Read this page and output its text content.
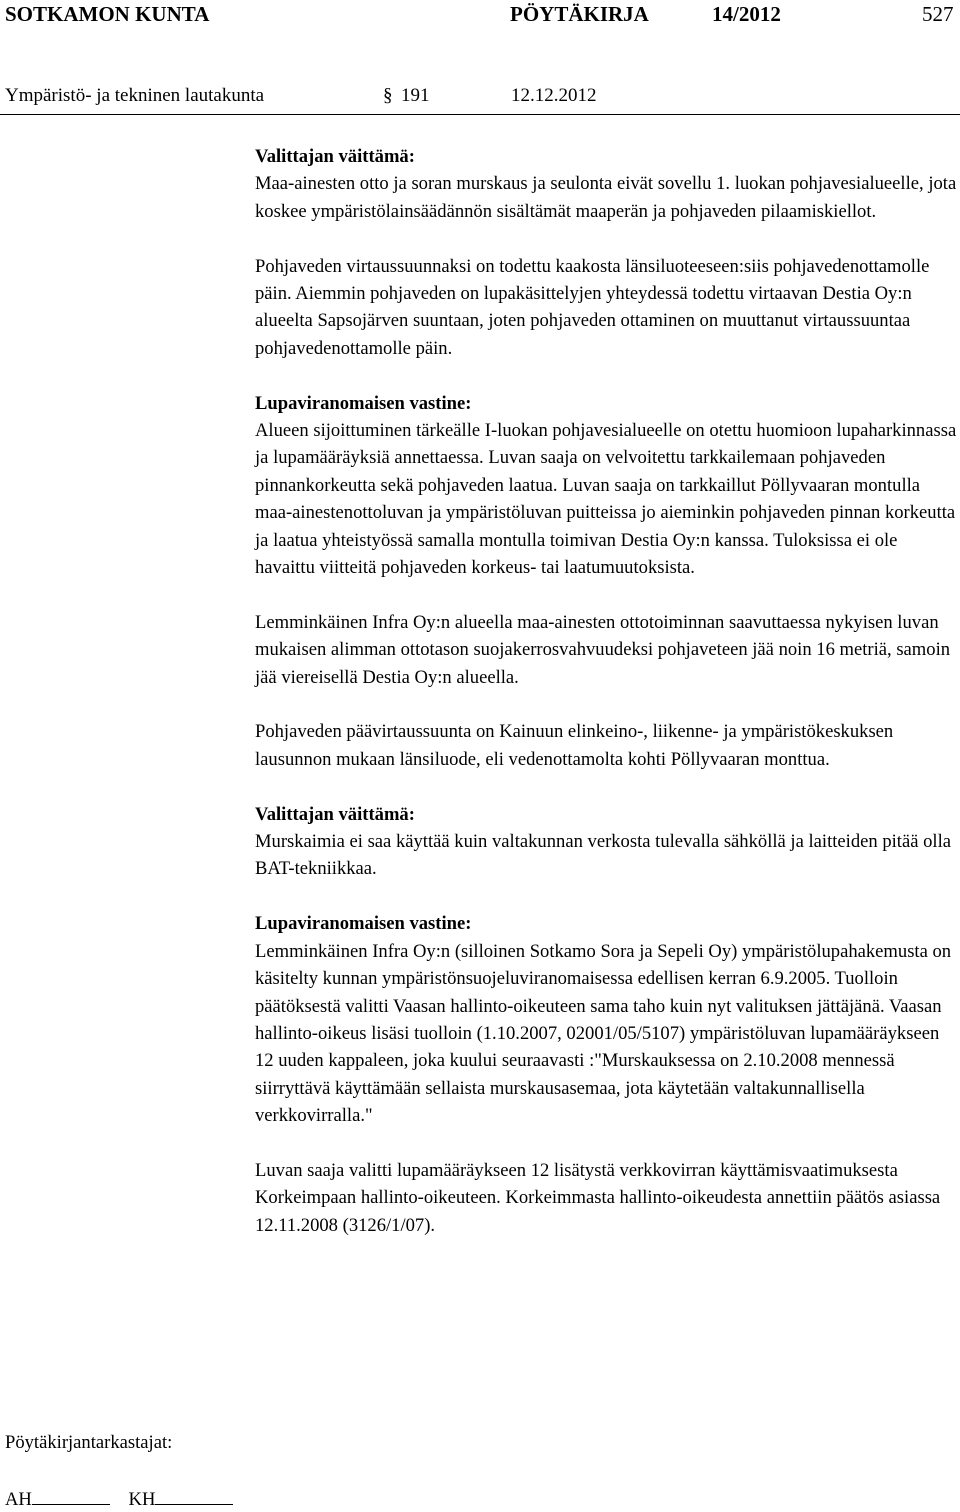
SOTKAMON KUNTA	PÖYTÄKIRJA	14/2012	527
Ympäristö- ja tekninen lautakunta	§ 191	12.12.2012
Valittajan väittämä:

Maa-ainesten otto ja soran murskaus ja seulonta eivät sovellu 1. luokan pohjavesialueelle, jota koskee ympäristölainsäädännön sisältämät maaperän ja pohjaveden pilaamiskiellot.

Pohjaveden virtaussuunnaksi on todettu kaakosta länsiluoteeseen:siis pohjavedenottamolle päin. Aiemmin pohjaveden on lupakäsittelyjen yhteydessä todettu virtaavan Destia Oy:n alueelta Sapsojärven suuntaan, joten pohjaveden ottaminen on muuttanut virtaussuuntaa pohjavedenottamolle päin.

Lupaviranomaisen vastine:

Alueen sijoittuminen tärkeälle I-luokan pohjavesialueelle on otettu huomioon lupaharkinnassa ja lupamääräyksiä annettaessa. Luvan saaja on velvoitettu tarkkailemaan pohjaveden pinnankorkeutta sekä pohjaveden laatua. Luvan saaja on tarkkaillut Pöllyvaaran montulla maa-ainestenottoluvan ja ympäristöluvan puitteissa jo aieminkin pohjaveden pinnan korkeutta ja laatua yhteistyössä samalla montulla toimivan Destia Oy:n kanssa. Tuloksissa ei ole havaittu viitteitä pohjaveden korkeus- tai laatumuutoksista.

Lemminkäinen Infra Oy:n alueella maa-ainesten ottotoiminnan saavuttaessa nykyisen luvan mukaisen alimman ottotason suojakerrosvahvuudeksi pohjaveteen jää noin 16 metriä, samoin jää viereisellä Destia Oy:n alueella.

Pohjaveden päävirtaussuunta on Kainuun elinkeino-, liikenne- ja ympäristökeskuksen lausunnon mukaan länsiluode, eli vedenottamolta kohti Pöllyvaaran monttua.

Valittajan väittämä:

Murskaimia ei saa käyttää kuin valtakunnan verkosta tulevalla sähköllä ja laitteiden pitää olla BAT-tekniikkaa.

Lupaviranomaisen vastine:

Lemminkäinen Infra Oy:n (silloinen Sotkamo Sora ja Sepeli Oy) ympäristölupahakemusta on käsitelty kunnan ympäristönsuojeluviranomaisessa edellisen kerran 6.9.2005. Tuolloin päätöksestä valitti Vaasan hallinto-oikeuteen sama taho kuin nyt valituksen jättäjänä. Vaasan hallinto-oikeus lisäsi tuolloin (1.10.2007, 02001/05/5107) ympäristöluvan lupamääräykseen 12 uuden kappaleen, joka kuului seuraavasti :"Murskauksessa on 2.10.2008 mennessä siirryttävä käyttämään sellaista murskausasemaa, jota käytetään valtakunnallisella verkkovirralla."

Luvan saaja valitti lupamääräykseen 12 lisätystä verkkovirran käyttämisvaatimuksesta Korkeimpaan hallinto-oikeuteen. Korkeimmasta hallinto-oikeudesta annettiin päätös asiassa 12.11.2008 (3126/1/07).

Pöytäkirjantarkastajat:
AH	KH
